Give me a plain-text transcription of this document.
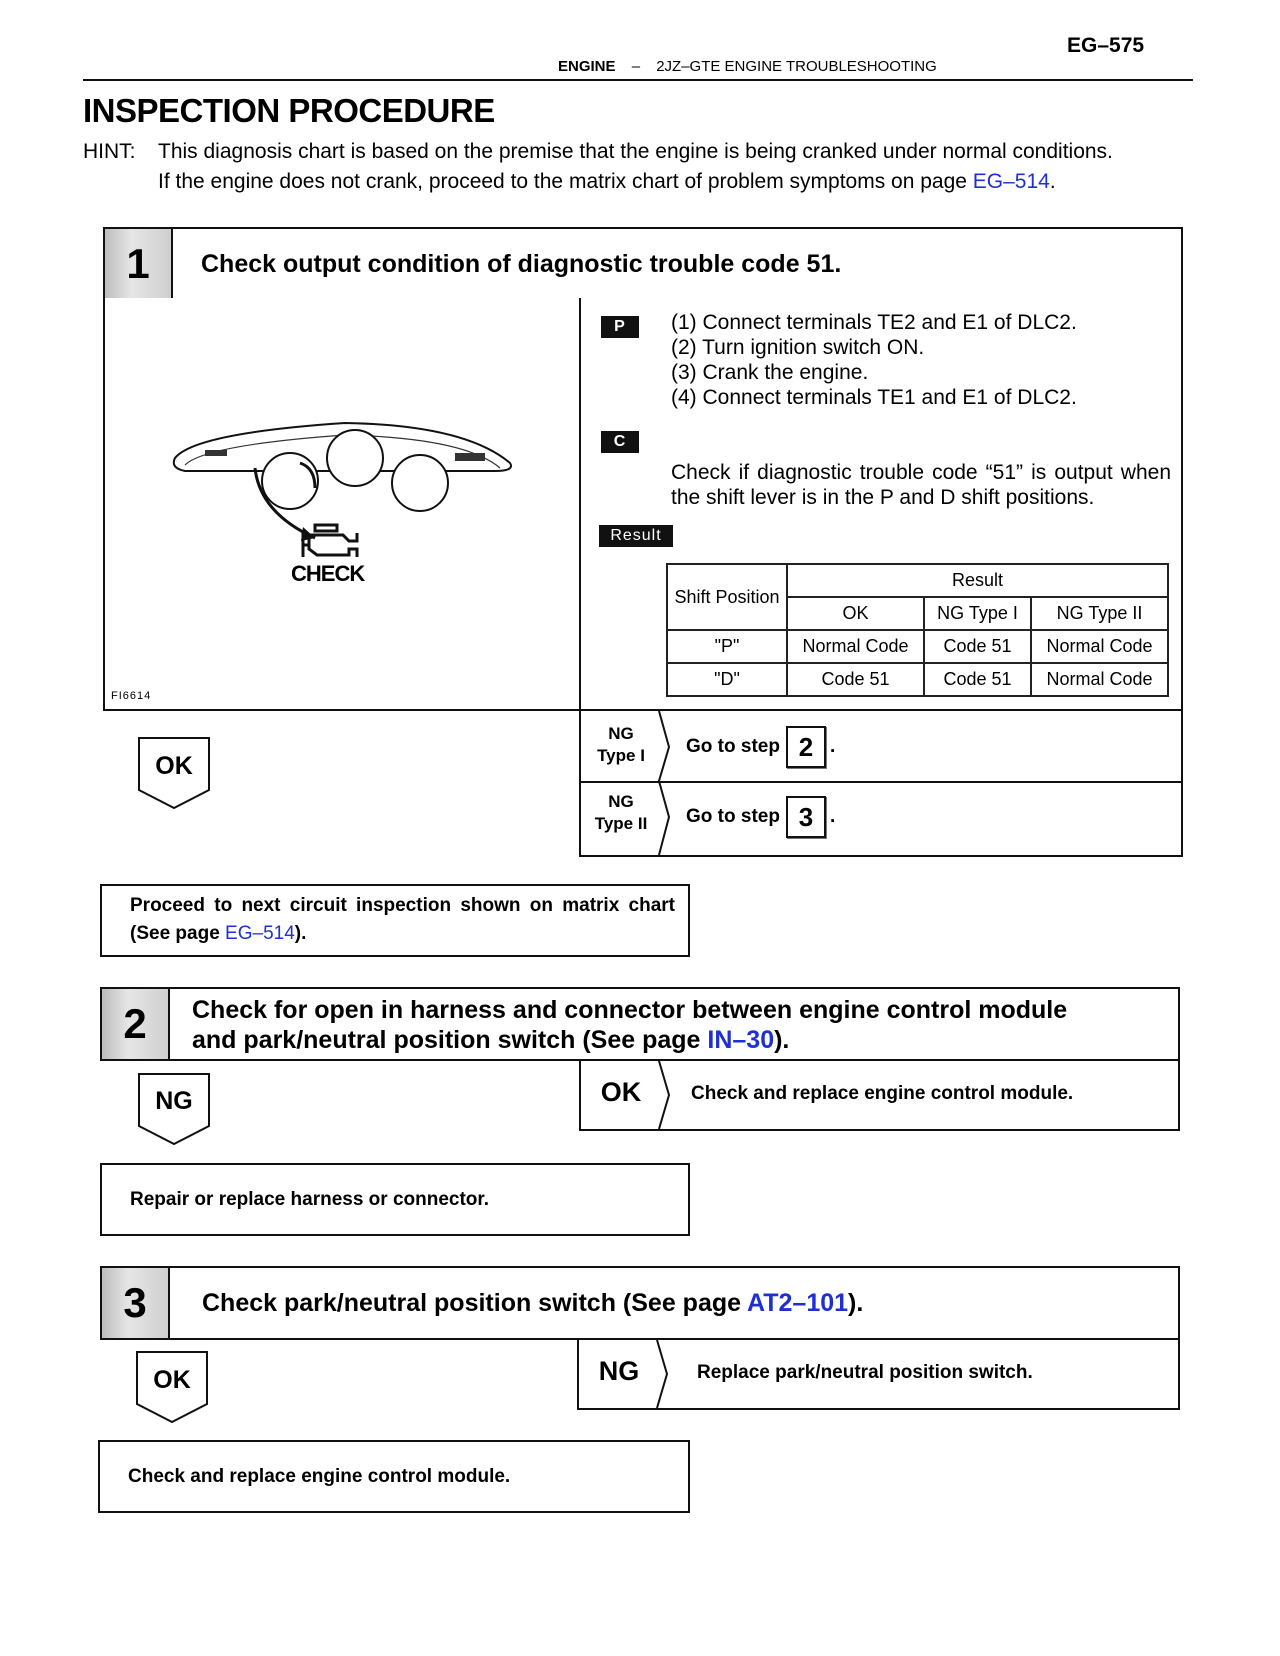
EG–575
ENGINE – 2JZ–GTE ENGINE TROUBLESHOOTING
INSPECTION PROCEDURE
HINT:	This diagnosis chart is based on the premise that the engine is being cranked under normal conditions.
If the engine does not crank, proceed to the matrix chart of problem symptoms on page EG–514.
1	Check output condition of diagnostic trouble code 51.
CHECK
FI6614
P	(1) Connect terminals TE2 and E1 of DLC2.
(2) Turn ignition switch ON.
(3) Crank the engine.
(4) Connect terminals TE1 and E1 of DLC2.
C
Check if diagnostic trouble code “51” is output when the shift lever is in the P and D shift positions.
Result
Shift Position	Result		
	OK	NG Type I	NG Type II
"P"	Normal Code	Code 51	Normal Code
"D"	Code 51	Code 51	Normal Code
OK
NG
Type I	Go to step 2 .
NG
Type II	Go to step 3 .
Proceed to next circuit inspection shown on matrix chart (See page EG–514).
2	Check for open in harness and connector between engine control module
and park/neutral position switch (See page IN–30).
NG	OK	Check and replace engine control module.
Repair or replace harness or connector.
3	Check park/neutral position switch (See page AT2–101).
OK	NG	Replace park/neutral position switch.
Check and replace engine control module.
